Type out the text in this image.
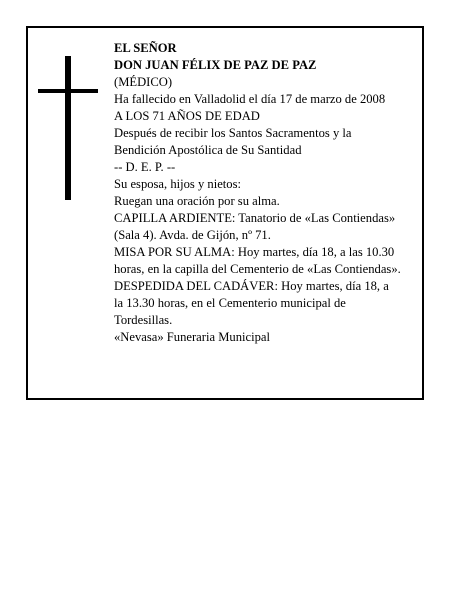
EL SEÑOR
DON JUAN FÉLIX DE PAZ DE PAZ
(MÉDICO)
Ha fallecido en Valladolid el día 17 de marzo de 2008
A LOS 71 AÑOS DE EDAD
Después de recibir los Santos Sacramentos y la
Bendición Apostólica de Su Santidad
-- D. E. P. --
Su esposa, hijos y nietos:
Ruegan una oración por su alma.
CAPILLA ARDIENTE: Tanatorio de «Las Contiendas»
(Sala 4). Avda. de Gijón, nº 71.
MISA POR SU ALMA: Hoy martes, día 18, a las 10.30
horas, en la capilla del Cementerio de «Las Contiendas».
DESPEDIDA DEL CADÁVER: Hoy martes, día 18, a
la 13.30 horas, en el Cementerio municipal de
Tordesillas.
«Nevasa» Funeraria Municipal
